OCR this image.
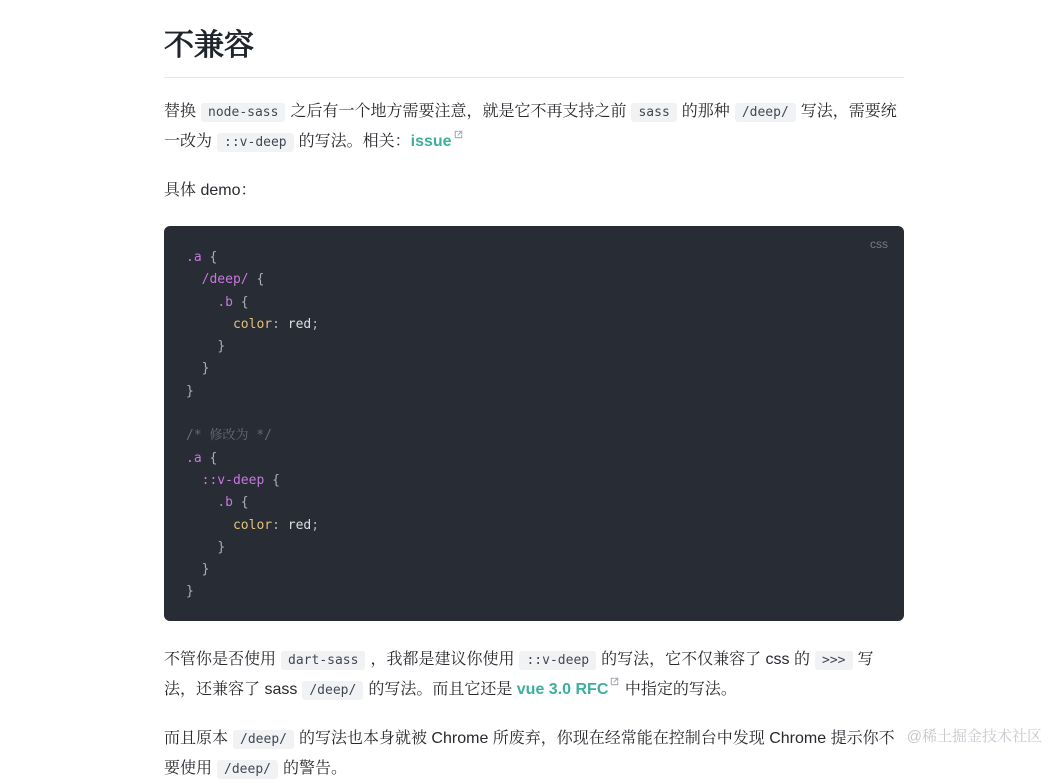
不兼容

替换 node-sass 之后有一个地方需要注意，就是它不再支持之前 sass 的那种 /deep/ 写法，需要统一改为 ::v-deep 的写法。相关：issue

具体 demo：

css
.a {
/deep/ {
.b {
color: red;
}
}
}
/* 修改为 */
.a {
::v-deep {
.b {
color: red;
}
}
}

不管你是否使用 dart-sass ，我都是建议你使用 ::v-deep 的写法，它不仅兼容了 css 的 >>> 写法，还兼容了 sass /deep/ 的写法。而且它还是 vue 3.0 RFC 中指定的写法。

而且原本 /deep/ 的写法也本身就被 Chrome 所废弃，你现在经常能在控制台中发现 Chrome 提示你不要使用 /deep/ 的警告。

@稀土掘金技术社区
